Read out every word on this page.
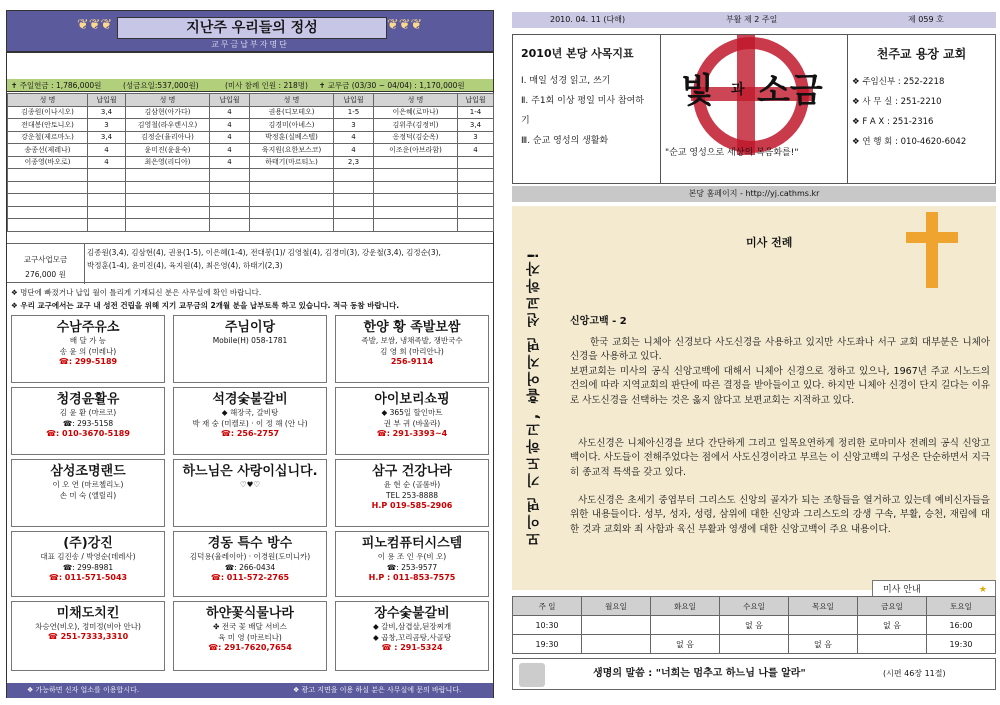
❦❦❦	지난주 우리들의 정성	❦❦❦
교무금납부자명단
✝ 주일헌금 : 1,786,000원	(성금요일:537,000원)	(미사 참례 인원 : 218명) ✝ 교무금 (03/30 ~ 04/04) : 1,170,000원
성 명	납입월	성 명	납입월	성 명	납입월	성 명	납입월
김종원(이나시오)	3,4	김삼현(아가다)	4	권용(디모테오)	1-5	이은혜(로마나)	1-4
전대봉(안토니오)	3	김영철(라우렌시오)	4	김경미(아녜스)	3	김위주(김정비)	3,4
강운철(제르마노)	3,4	김정순(율리아나)	4	박정훈(실베스텔)	4	옹정덕(김순옥)	3
송종선(제레나)	4	윤미진(윤윤숙)	4	육지원(요한보스코)	4	이조운(아브라함)	4
이종영(바오로)	4	최은영(리디아)	4	하태기(마르티노)	2,3		

교구사업모금
276,000 원
김종원(3,4), 김삼현(4), 권용(1-5), 이은혜(1-4), 전대봉(1)/ 김영철(4), 김경미(3), 강운철(3,4), 김정순(3),
박정훈(1-4), 윤미진(4), 육지원(4), 최은영(4), 하태기(2,3)
❖ 명단에 빠졌거나 납입 월이 틀리게 기재되신 분은 사무실에 확인 바랍니다.
❖ 우리 교구에서는 교구 내 성전 건립을 위해 지기 교무금의 2개월 분을 납부토록 하고 있습니다. 적극 동참 바랍니다.
수남주유소
배 달 가 능
송 윤 의 (미레나)
☎: 299-5189
주님이당
Mobile(H) 058-1781
한양 황 족발보쌈
족발, 보쌈, 냉채족발, 쟁반국수
김 영 희 (마리안나)
256-9114
청경윤활유
김 윤 환 (마르코)
☎: 293-5158
☎: 010-3670-5189
석경숯불갈비
◆ 해장국, 갈비탕
박 재 숭 (미켈로) · 이 정 해 (안 나)
☎: 256-2757
아이보리쇼핑
◆ 365일 할인마트
권 부 귀 (바울라)
☎: 291-3393~4
삼성조명랜드
이 오 연 (마르첼리노)
손 미 숙 (엘릴리)
하느님은 사랑이십니다.
♡♥♡
삼구 건강나라
윤 현 순 (골롬바)
TEL 253-8888
H.P 019-585-2906
(주)강진
대표 김진송 / 박영순(데레사)
☎: 299-8981
☎: 011-571-5043
경동 특수 방수
김덕용(율레이아) · 이경원(도미니카)
☎: 266-0434
☎: 011-572-2765
피노컴퓨터시스템
이 용 조 인 우(비 오)
☎: 253-9577
H.P : 011-853-7575
미채도치킨
차승연(비오), 정미정(비아 안나)
☎ 251-7333,3310
하얀꽃식물나라
✤ 전국 꽃 배달 서비스
육 미 영 (마르티나)
☎: 291-7620,7654
장수숯불갈비
◆ 갈비,삼겹살,된장찌개
◆ 곱창,꼬리곰탕,사골탕
☎ : 291-5324
❖ 가능하면 신자 업소를 이용합시다.	❖ 광고 지면을 이용 하실 분은 사무실에 문의 바랍니다.
2010. 04. 11 (다해)	부활 제 2 주일	제 059 호
2010년 본당 사목지표

Ⅰ. 매일 성경 읽고, 쓰기

Ⅱ. 주1회 이상 평일 미사 참여하기

Ⅲ. 순교 영성의 생활화

빛 과 소금
"순교 영성으로 세상의 복음화를!"
천주교 용장 교회

❖ 주임신부 : 252-2218

❖ 사 무 실 : 251-2210

❖ F A X : 251-2316

❖ 연 행 회 : 010-4620-6042

본당 홈페이지 - http://yj.cathms.kr
모이면 기도하고, 흩어지면 선교하자!
미사 전례
신앙고백 - 2
한국 교회는 니체아 신경보다 사도신경을 사용하고 있지만 사도좌나 서구 교회 대부분은 니체아 신경을 사용하고 있다.
보편교회는 미사의 공식 신앙고백에 대해서 니체아 신경으로 정하고 있으나, 1967년 주교 시노드의 건의에 따라 지역교회의 판단에 따른 결정을 받아들이고 있다. 하지만 니체아 신경이 단지 길다는 이유로 사도신경을 선택하는 것은 옳지 않다고 보편교회는 지적하고 있다.
사도신경은 니체아신경을 보다 간단하게 그리고 일목요연하게 정리한 로마미사 전례의 공식 신앙고백이다. 사도들이 전해주었다는 점에서 사도신경이라고 부르는 이 신앙고백의 구성은 단순하면서 지극히 종교적 특색을 갖고 있다.
사도신경은 초세기 중엽부터 그리스도 신앙의 골자가 되는 조항들을 열거하고 있는데 예비신자들을 위한 내용들이다. 성부, 성자, 성령, 삼위에 대한 신앙과 그리스도의 강생 구속, 부활, 승천, 재림에 대한 것과 교회와 죄 사함과 육신 부활과 영생에 대한 신앙고백이 주요 내용이다.
미사 안내	★
주 일	월요일	화요일	수요일	목요일	금요일	토요일
10:30			없 음		없 음	16:00
19:30		없 음		없 음		19:30
생명의 말씀 : "너희는 멈추고 하느님 나를 알라"	(시편 46장 11절)
